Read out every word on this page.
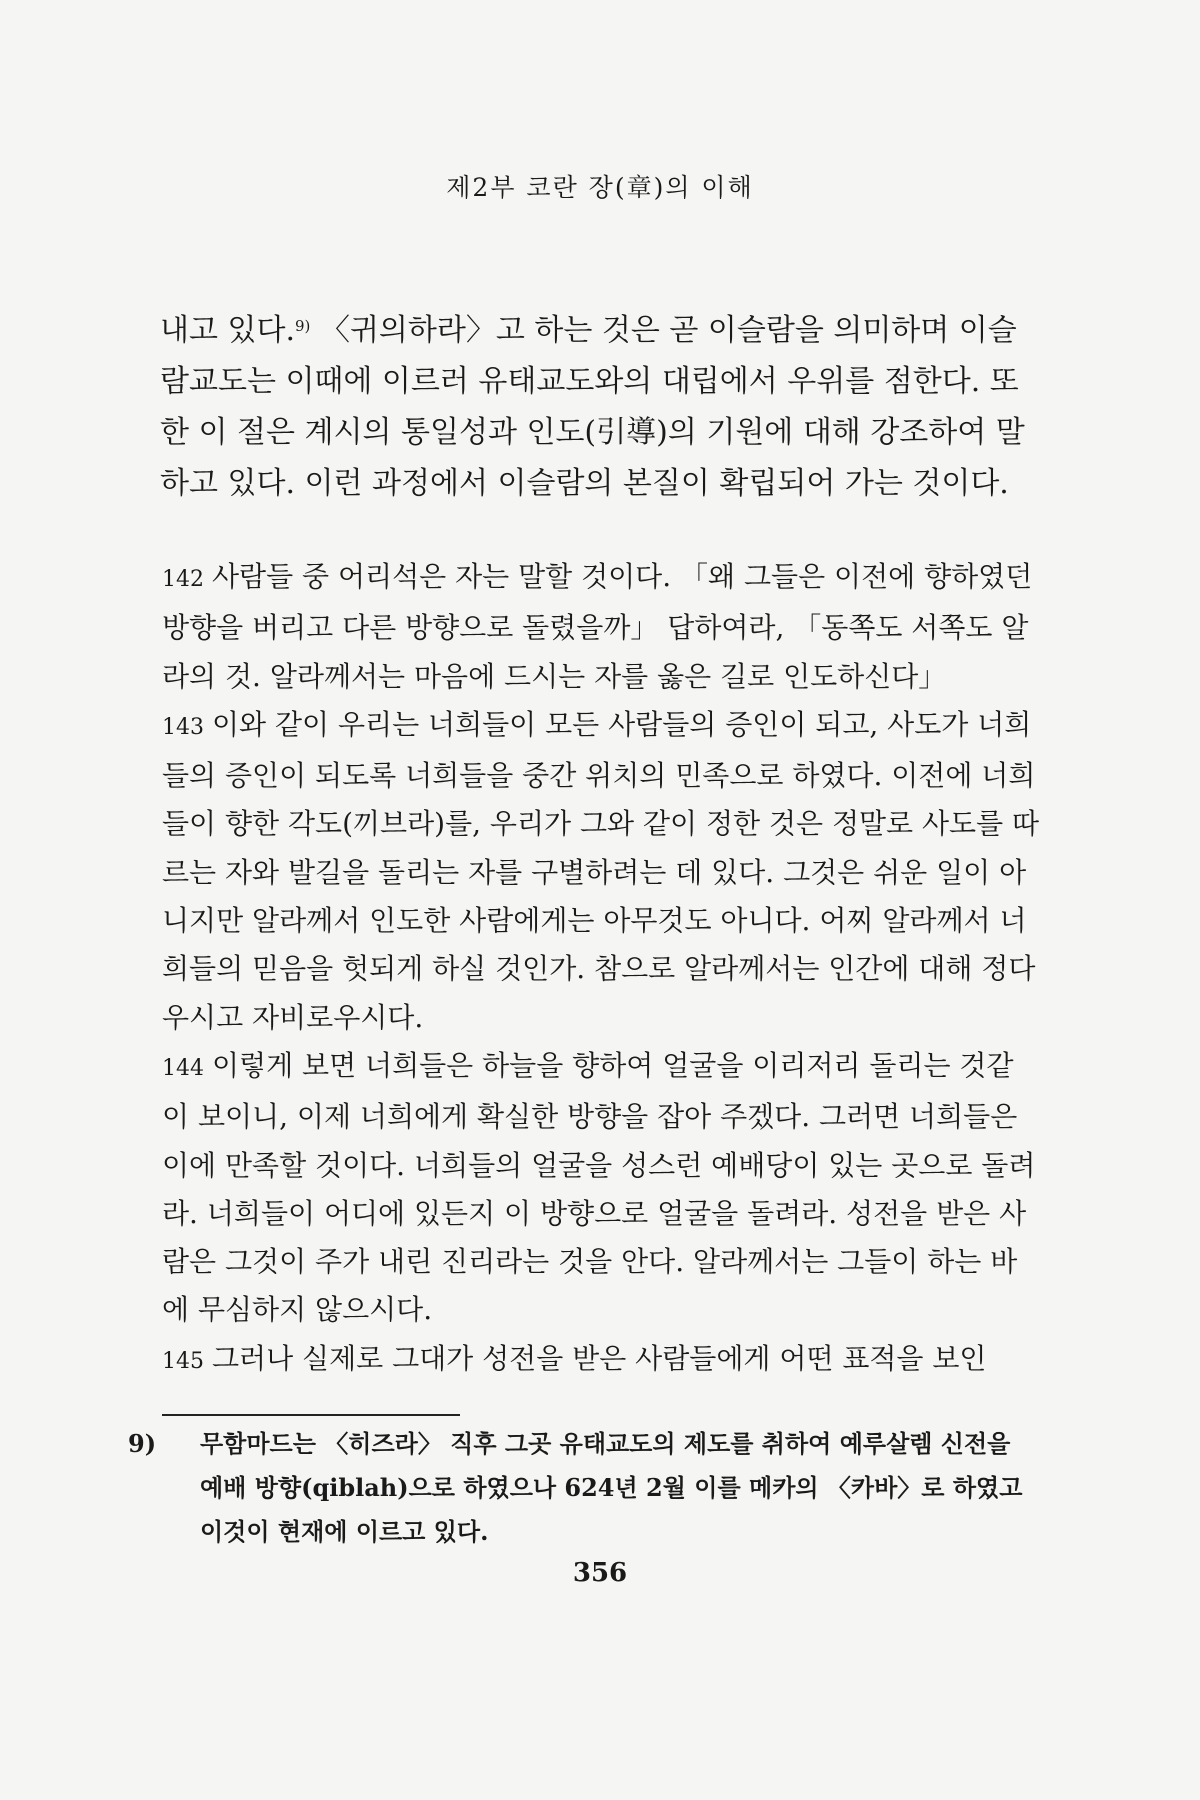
제2부 코란 장(章)의 이해

내고 있다.$^{9)}$ 〈귀의하라〉고 하는 것은 곧 이슬람을 의미하며 이슬람교도는 이때에 이르러 유태교도와의 대립에서 우위를 점한다. 또한 이 절은 계시의 통일성과 인도(引導)의 기원에 대해 강조하여 말하고 있다. 이런 과정에서 이슬람의 본질이 확립되어 가는 것이다.

142 사람들 중 어리석은 자는 말할 것이다. 「왜 그들은 이전에 향하였던 방향을 버리고 다른 방향으로 돌렸을까」 답하여라, 「동쪽도 서쪽도 알라의 것. 알라께서는 마음에 드시는 자를 옳은 길로 인도하신다」

143 이와 같이 우리는 너희들이 모든 사람들의 증인이 되고, 사도가 너희들의 증인이 되도록 너희들을 중간 위치의 민족으로 하였다. 이전에 너희들이 향한 각도(끼브라)를, 우리가 그와 같이 정한 것은 정말로 사도를 따르는 자와 발길을 돌리는 자를 구별하려는 데 있다. 그것은 쉬운 일이 아니지만 알라께서 인도한 사람에게는 아무것도 아니다. 어찌 알라께서 너희들의 믿음을 헛되게 하실 것인가. 참으로 알라께서는 인간에 대해 정다우시고 자비로우시다.

144 이렇게 보면 너희들은 하늘을 향하여 얼굴을 이리저리 돌리는 것같이 보이니, 이제 너희에게 확실한 방향을 잡아 주겠다. 그러면 너희들은 이에 만족할 것이다. 너희들의 얼굴을 성스런 예배당이 있는 곳으로 돌려라. 너희들이 어디에 있든지 이 방향으로 얼굴을 돌려라. 성전을 받은 사람은 그것이 주가 내린 진리라는 것을 안다. 알라께서는 그들이 하는 바에 무심하지 않으시다.

145 그러나 실제로 그대가 성전을 받은 사람들에게 어떤 표적을 보인

9) 무함마드는 〈히즈라〉 직후 그곳 유태교도의 제도를 취하여 예루살렘 신전을 예배 방향(qiblah)으로 하였으나 624년 2월 이를 메카의 〈카바〉로 하였고 이것이 현재에 이르고 있다.

356
